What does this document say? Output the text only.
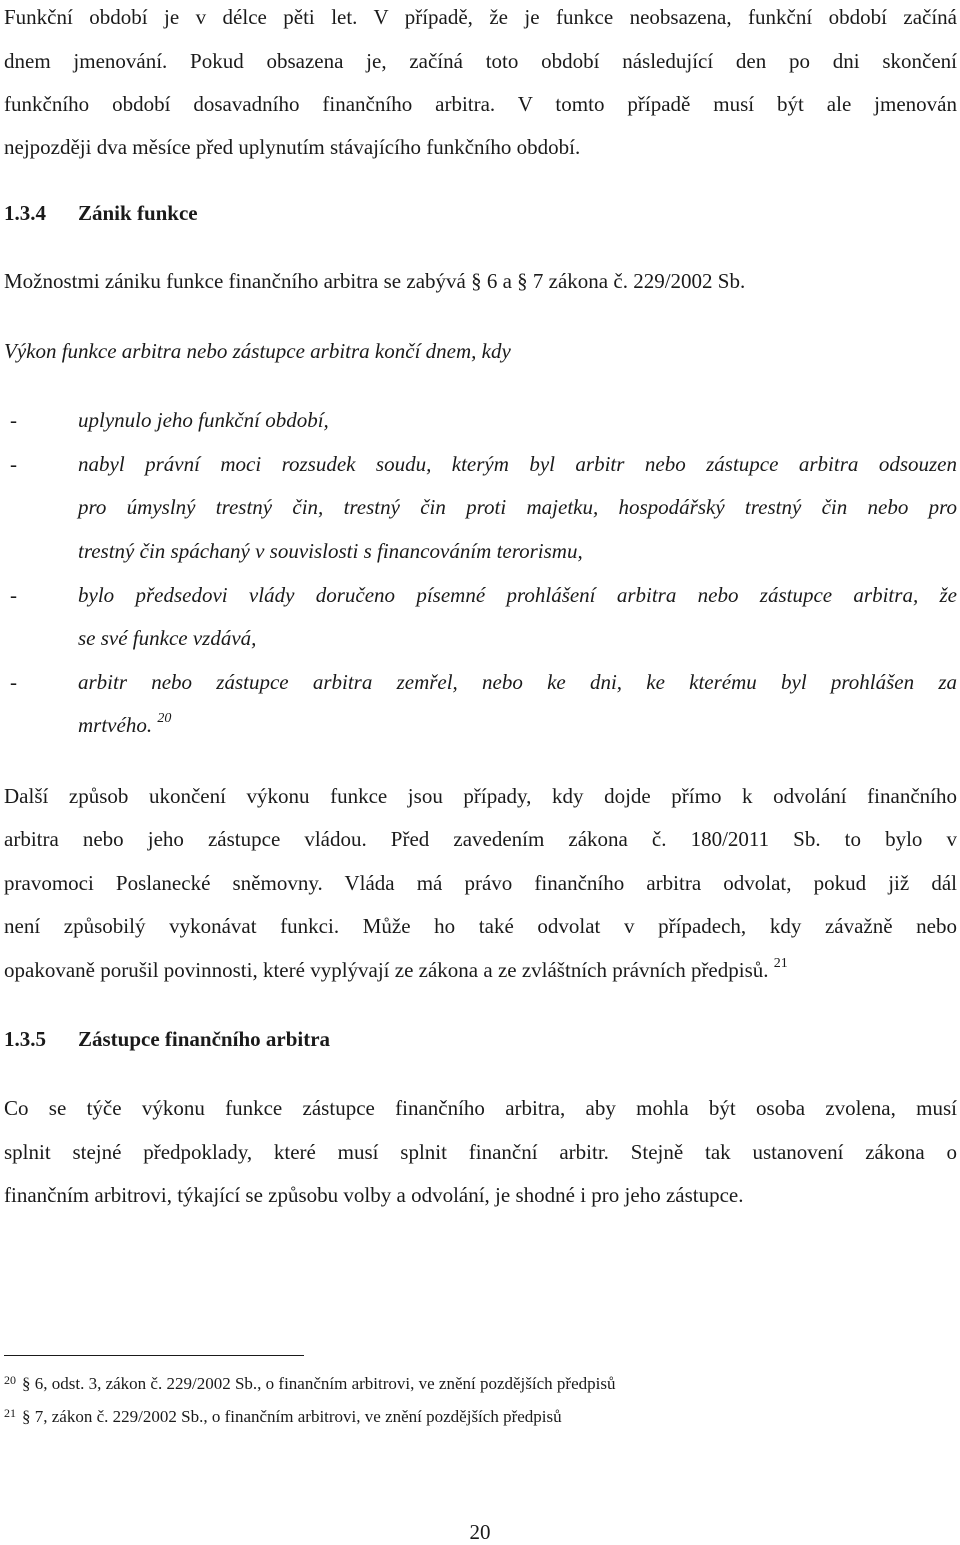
Funkční období je v délce pěti let. V případě, že je funkce neobsazena, funkční období začíná
dnem jmenování. Pokud obsazena je, začíná toto období následující den po dni skončení
funkčního období dosavadního finančního arbitra. V tomto případě musí být ale jmenován
nejpozději dva měsíce před uplynutím stávajícího funkčního období.
1.3.4 Zánik funkce
Možnostmi zániku funkce finančního arbitra se zabývá § 6 a § 7 zákona č. 229/2002 Sb.
Výkon funkce arbitra nebo zástupce arbitra končí dnem, kdy
-	uplynulo jeho funkční období,
-	nabyl právní moci rozsudek soudu, kterým byl arbitr nebo zástupce arbitra odsouzen
pro úmyslný trestný čin, trestný čin proti majetku, hospodářský trestný čin nebo pro
trestný čin spáchaný v souvislosti s financováním terorismu,
-	bylo předsedovi vlády doručeno písemné prohlášení arbitra nebo zástupce arbitra, že
se své funkce vzdává,
-	arbitr nebo zástupce arbitra zemřel, nebo ke dni, ke kterému byl prohlášen za
mrtvého. $^{20}$
Další způsob ukončení výkonu funkce jsou případy, kdy dojde přímo k odvolání finančního
arbitra nebo jeho zástupce vládou. Před zavedením zákona č. 180/2011 Sb. to bylo v
pravomoci Poslanecké sněmovny. Vláda má právo finančního arbitra odvolat, pokud již dál
není způsobilý vykonávat funkci. Může ho také odvolat v případech, kdy závažně nebo
opakovaně porušil povinnosti, které vyplývají ze zákona a ze zvláštních právních předpisů. $^{21}$
1.3.5 Zástupce finančního arbitra
Co se týče výkonu funkce zástupce finančního arbitra, aby mohla být osoba zvolena, musí
splnit stejné předpoklady, které musí splnit finanční arbitr. Stejně tak ustanovení zákona o
finančním arbitrovi, týkající se způsobu volby a odvolání, je shodné i pro jeho zástupce.
$^{20}$ § 6, odst. 3, zákon č. 229/2002 Sb., o finančním arbitrovi, ve znění pozdějších předpisů
$^{21}$ § 7, zákon č. 229/2002 Sb., o finančním arbitrovi, ve znění pozdějších předpisů
20
